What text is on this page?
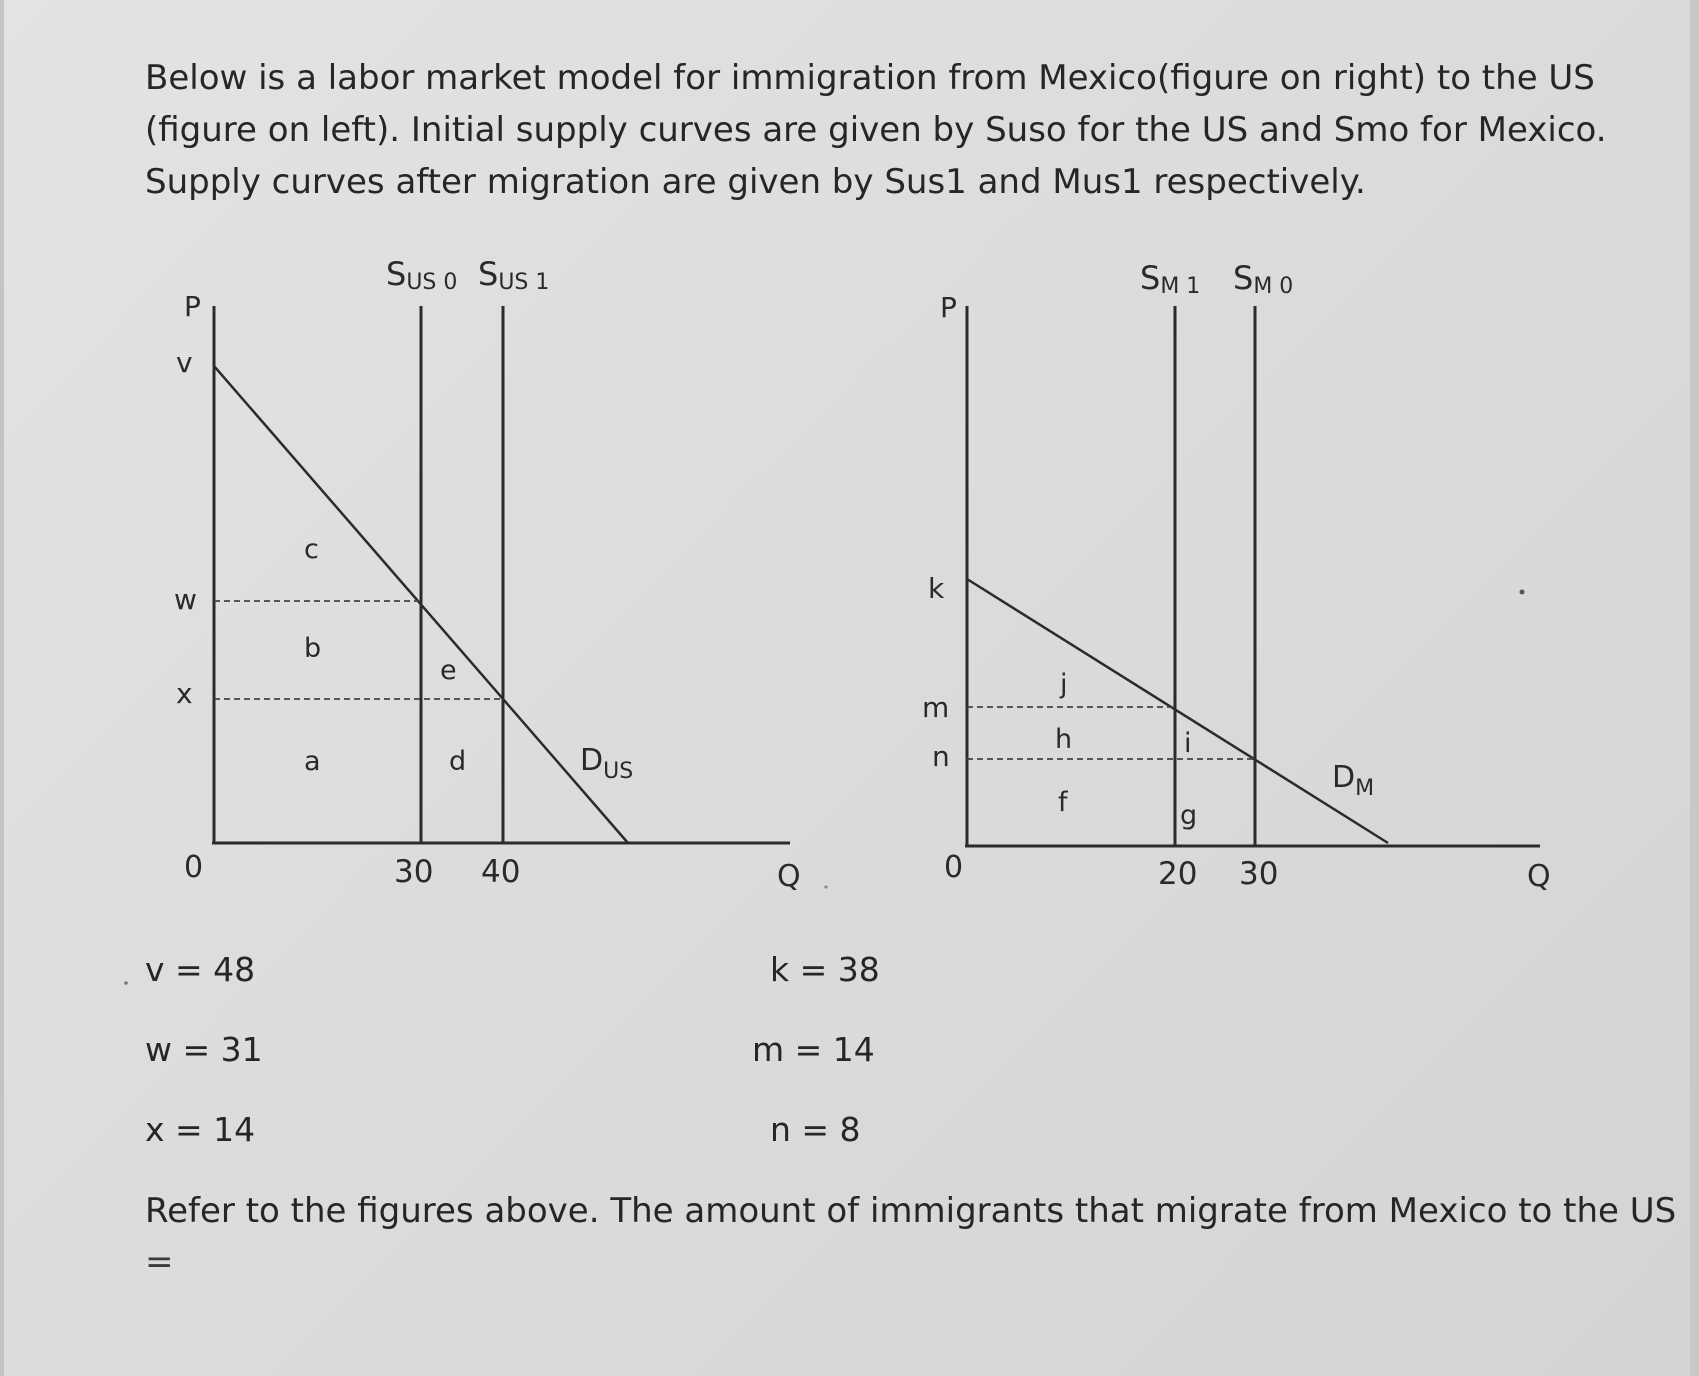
Below is a labor market model for immigration from Mexico(figure on right) to the US
(figure on left). Initial supply curves are given by Suso for the US and Smo for Mexico.
Supply curves after migration are given by Sus1 and Mus1 respectively.

P
Q
0
v
w
x
30 40
SUS 0 SUS 1
$D_{US}$
c
b
a
e
d
P
Q
0
k
m
n
20 30
SM 1 SM 0
$D_M$
j
h
f
i
g
v = 48
w = 31
x = 14
k = 38
m = 14
n = 8

Refer to the figures above. The amount of immigrants that migrate from Mexico to the US

=
